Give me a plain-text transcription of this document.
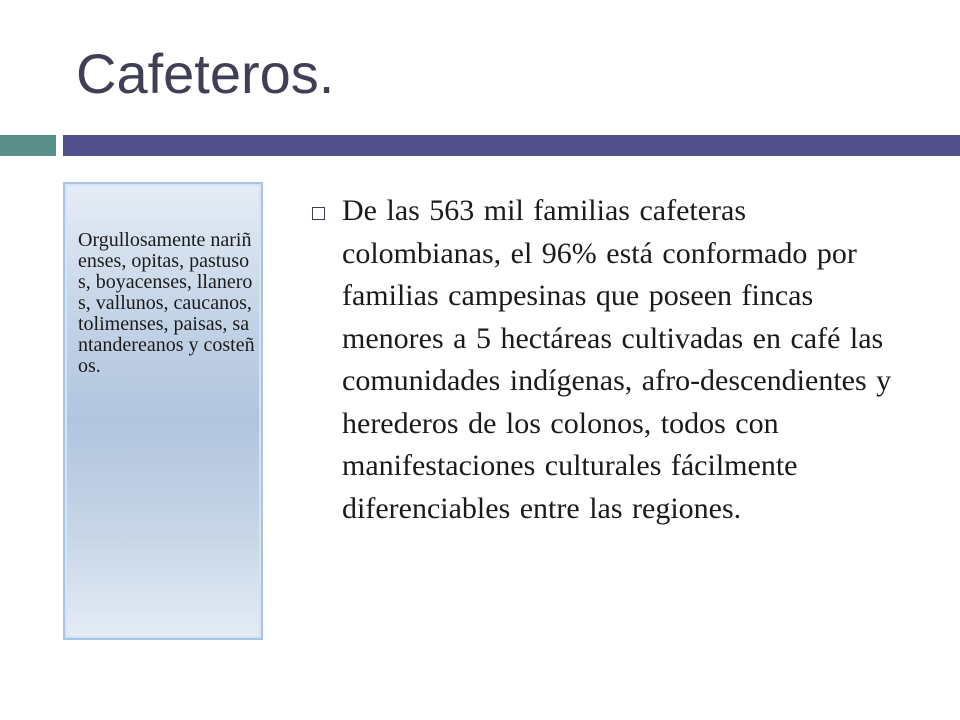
Cafeteros.
Orgullosamente nariñenses, opitas, pastusos, boyacenses, llaneros, vallunos, caucanos, tolimenses, paisas, santandereanos y costeños.
De las 563 mil familias cafeteras colombianas, el 96% está conformado por familias campesinas que poseen fincas menores a 5 hectáreas cultivadas en café las comunidades indígenas, afro-descendientes y herederos de los colonos, todos con manifestaciones culturales fácilmente diferenciables entre las regiones.
